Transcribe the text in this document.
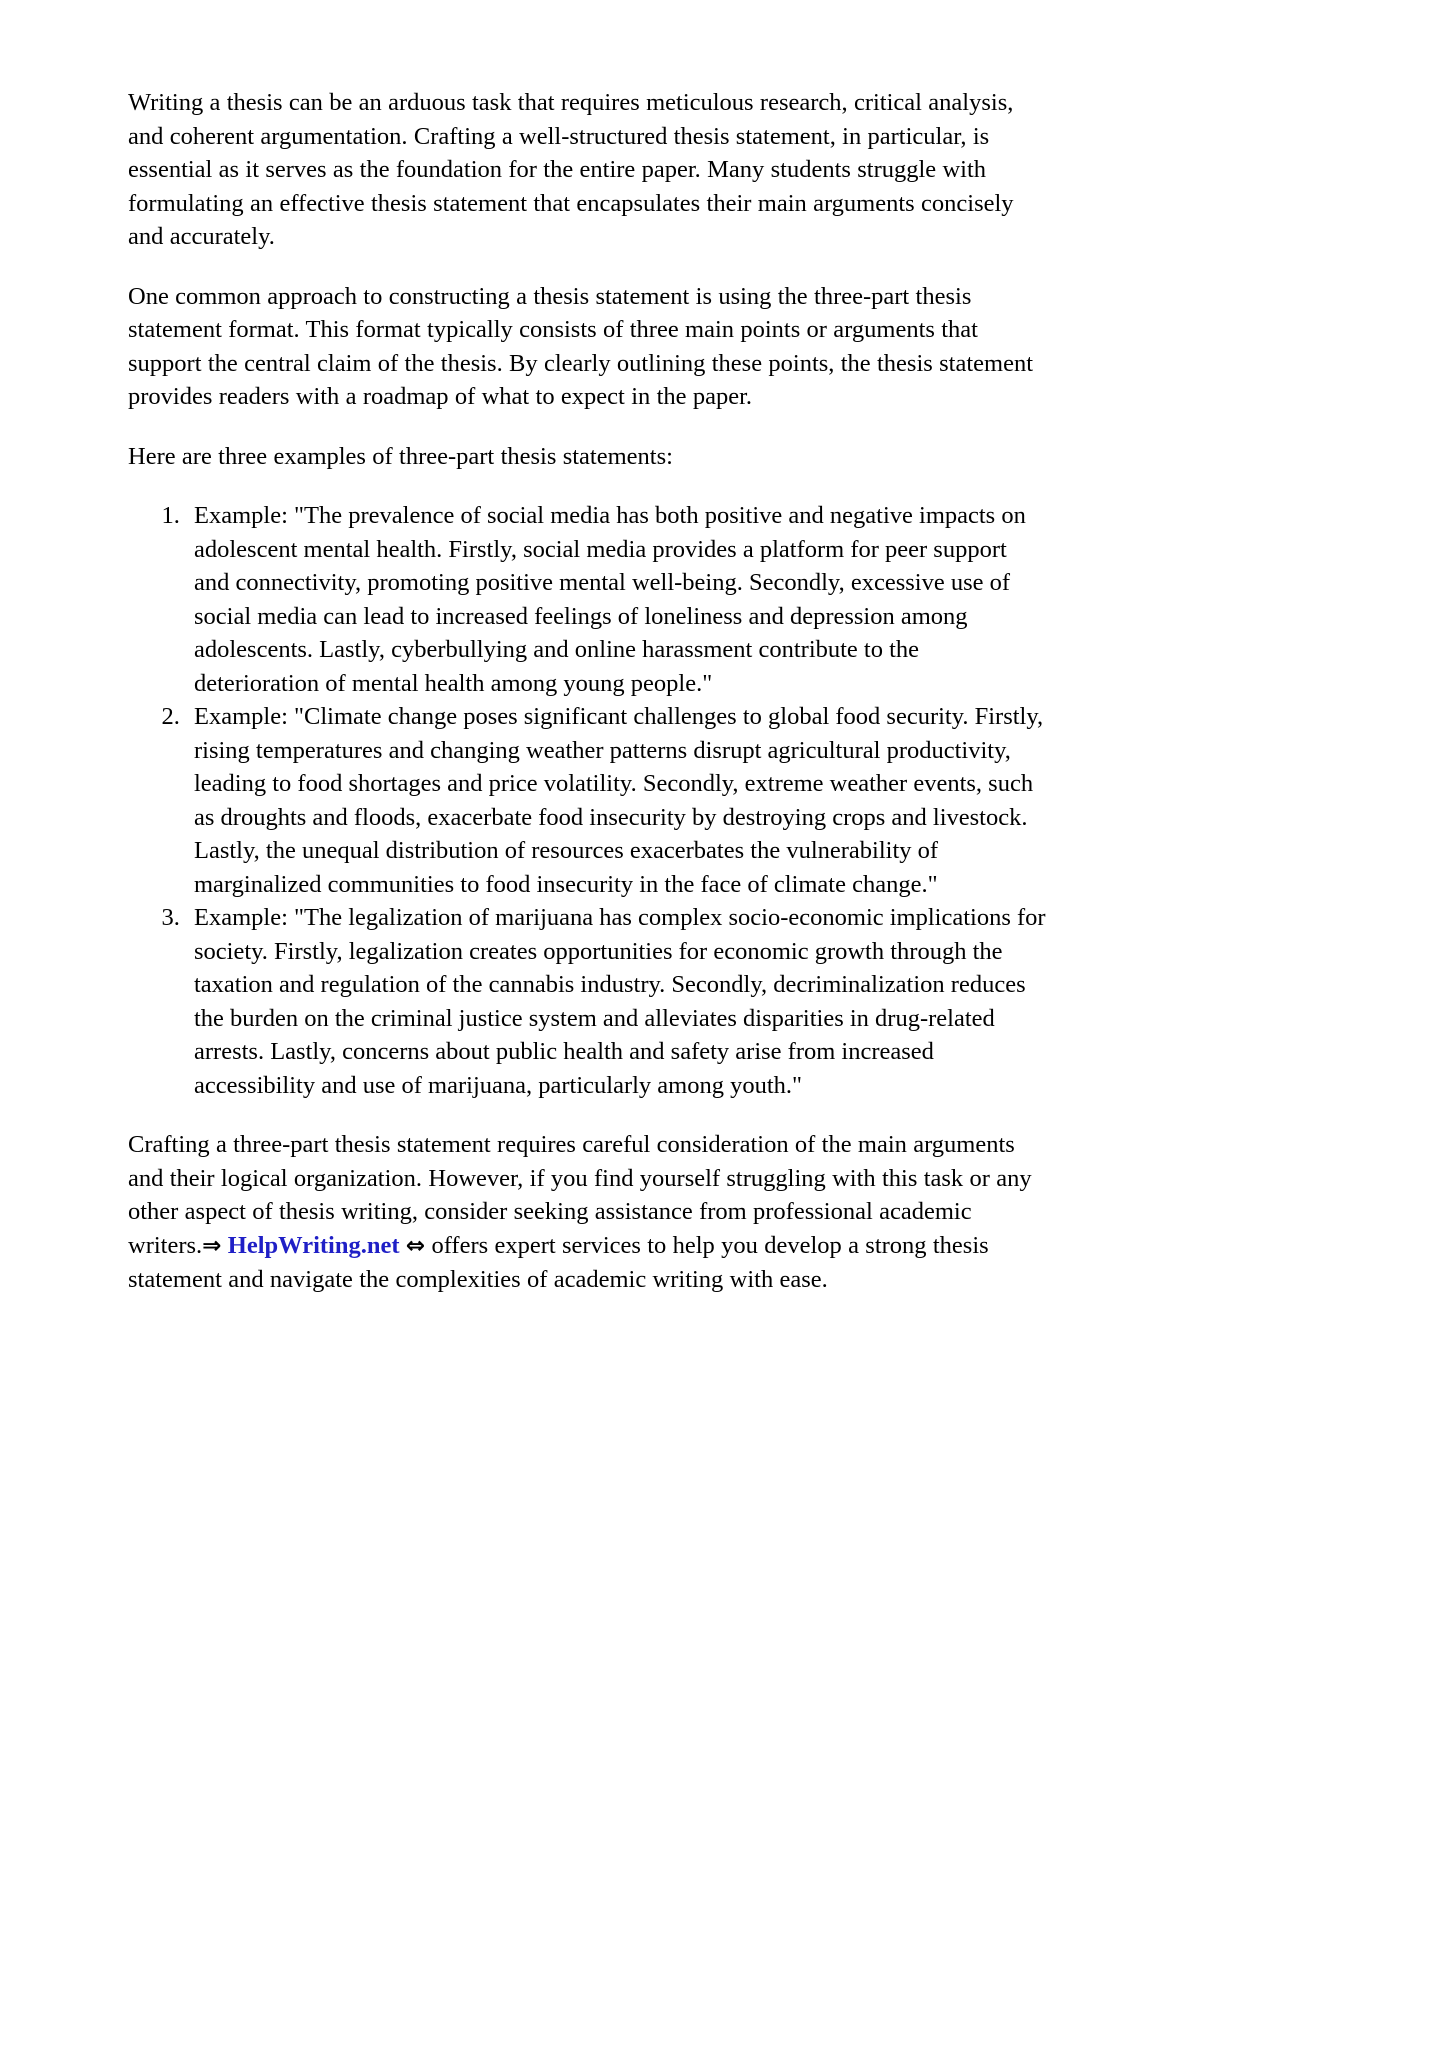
Writing a thesis can be an arduous task that requires meticulous research, critical analysis, and coherent argumentation. Crafting a well-structured thesis statement, in particular, is essential as it serves as the foundation for the entire paper. Many students struggle with formulating an effective thesis statement that encapsulates their main arguments concisely and accurately.

One common approach to constructing a thesis statement is using the three-part thesis statement format. This format typically consists of three main points or arguments that support the central claim of the thesis. By clearly outlining these points, the thesis statement provides readers with a roadmap of what to expect in the paper.

Here are three examples of three-part thesis statements:

1. Example: "The prevalence of social media has both positive and negative impacts on adolescent mental health. Firstly, social media provides a platform for peer support and connectivity, promoting positive mental well-being. Secondly, excessive use of social media can lead to increased feelings of loneliness and depression among adolescents. Lastly, cyberbullying and online harassment contribute to the deterioration of mental health among young people."
2. Example: "Climate change poses significant challenges to global food security. Firstly, rising temperatures and changing weather patterns disrupt agricultural productivity, leading to food shortages and price volatility. Secondly, extreme weather events, such as droughts and floods, exacerbate food insecurity by destroying crops and livestock. Lastly, the unequal distribution of resources exacerbates the vulnerability of marginalized communities to food insecurity in the face of climate change."
3. Example: "The legalization of marijuana has complex socio-economic implications for society. Firstly, legalization creates opportunities for economic growth through the taxation and regulation of the cannabis industry. Secondly, decriminalization reduces the burden on the criminal justice system and alleviates disparities in drug-related arrests. Lastly, concerns about public health and safety arise from increased accessibility and use of marijuana, particularly among youth."

Crafting a three-part thesis statement requires careful consideration of the main arguments and their logical organization. However, if you find yourself struggling with this task or any other aspect of thesis writing, consider seeking assistance from professional academic writers.⇒ HelpWriting.net ⇔ offers expert services to help you develop a strong thesis statement and navigate the complexities of academic writing with ease.
